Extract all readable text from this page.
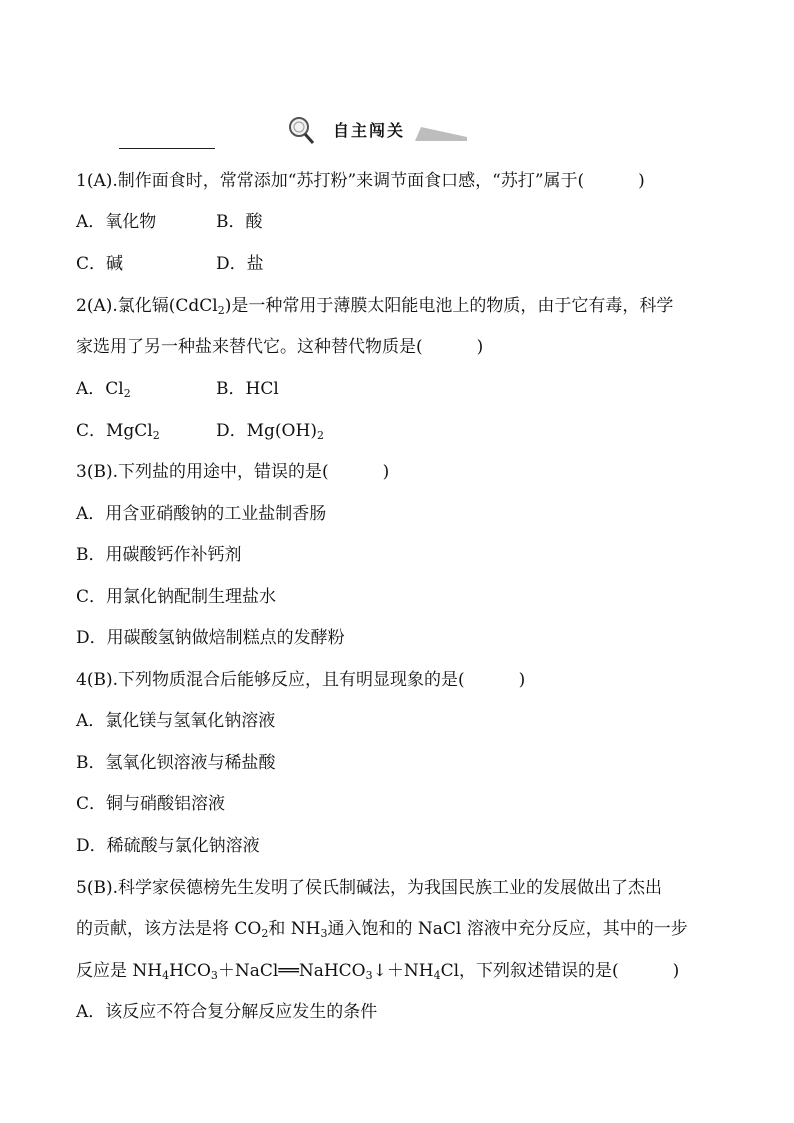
自主闯关
1(A).制作面食时，常常添加“苏打粉”来调节面食口感，“苏打”属于(	)
A．氧化物	B．酸
C．碱	D．盐
2(A).氯化镉(CdCl$_2$)是一种常用于薄膜太阳能电池上的物质，由于它有毒，科学
家选用了另一种盐来替代它。这种替代物质是(	)
A．$Cl_2$	B．HCl
C．MgCl$_2$	D．$Mg(OH)_2$
3(B).下列盐的用途中，错误的是(	)
A．用含亚硝酸钠的工业盐制香肠
B．用碳酸钙作补钙剂
C．用氯化钠配制生理盐水
D．用碳酸氢钠做焙制糕点的发酵粉
4(B).下列物质混合后能够反应，且有明显现象的是(	)
A．氯化镁与氢氧化钠溶液
B．氢氧化钡溶液与稀盐酸
C．铜与硝酸铝溶液
D．稀硫酸与氯化钠溶液
5(B).科学家侯德榜先生发明了侯氏制碱法，为我国民族工业的发展做出了杰出
的贡献，该方法是将 $CO_2$和 $NH_3$通入饱和的 NaCl 溶液中充分反应，其中的一步
反应是 $NH_4HCO_3+NaCl══NaHCO_3↓+NH_4Cl$，下列叙述错误的是(	)
A．该反应不符合复分解反应发生的条件
